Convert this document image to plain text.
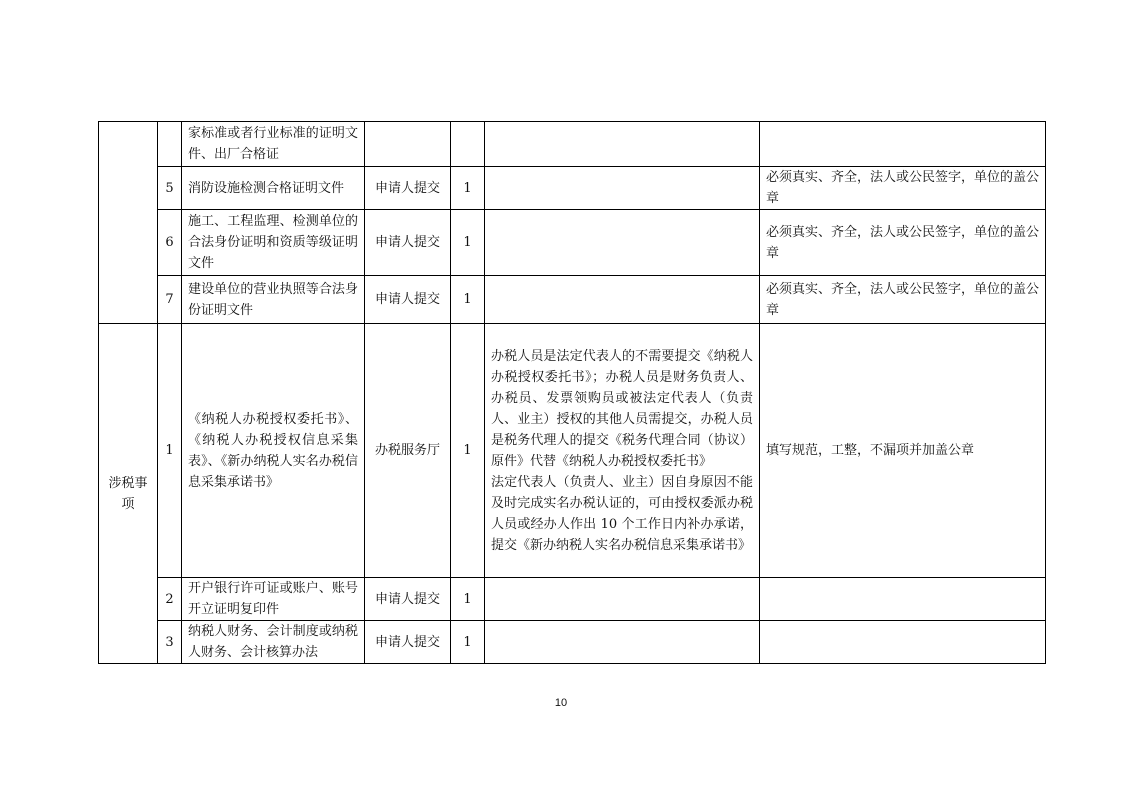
		家标准或者行业标准的证明文件、出厂合格证				
	5	消防设施检测合格证明文件	申请人提交	1		必须真实、齐全，法人或公民签字，单位的盖公章
	6	施工、工程监理、检测单位的合法身份证明和资质等级证明文件	申请人提交	1		必须真实、齐全，法人或公民签字，单位的盖公章
	7	建设单位的营业执照等合法身份证明文件	申请人提交	1		必须真实、齐全，法人或公民签字，单位的盖公章
涉税事项	1	《纳税人办税授权委托书》、《纳税人办税授权信息采集表》、《新办纳税人实名办税信息采集承诺书》	办税服务厅	1	办税人员是法定代表人的不需要提交《纳税人办税授权委托书》；办税人员是财务负责人、办税员、发票领购员或被法定代表人（负责人、业主）授权的其他人员需提交，办税人员是税务代理人的提交《税务代理合同（协议）原件》代替《纳税人办税授权委托书》
法定代表人（负责人、业主）因自身原因不能及时完成实名办税认证的，可由授权委派办税人员或经办人作出 10 个工作日内补办承诺，提交《新办纳税人实名办税信息采集承诺书》	填写规范，工整，不漏项并加盖公章
	2	开户银行许可证或账户、账号开立证明复印件	申请人提交	1		
	3	纳税人财务、会计制度或纳税人财务、会计核算办法	申请人提交	1		
10
